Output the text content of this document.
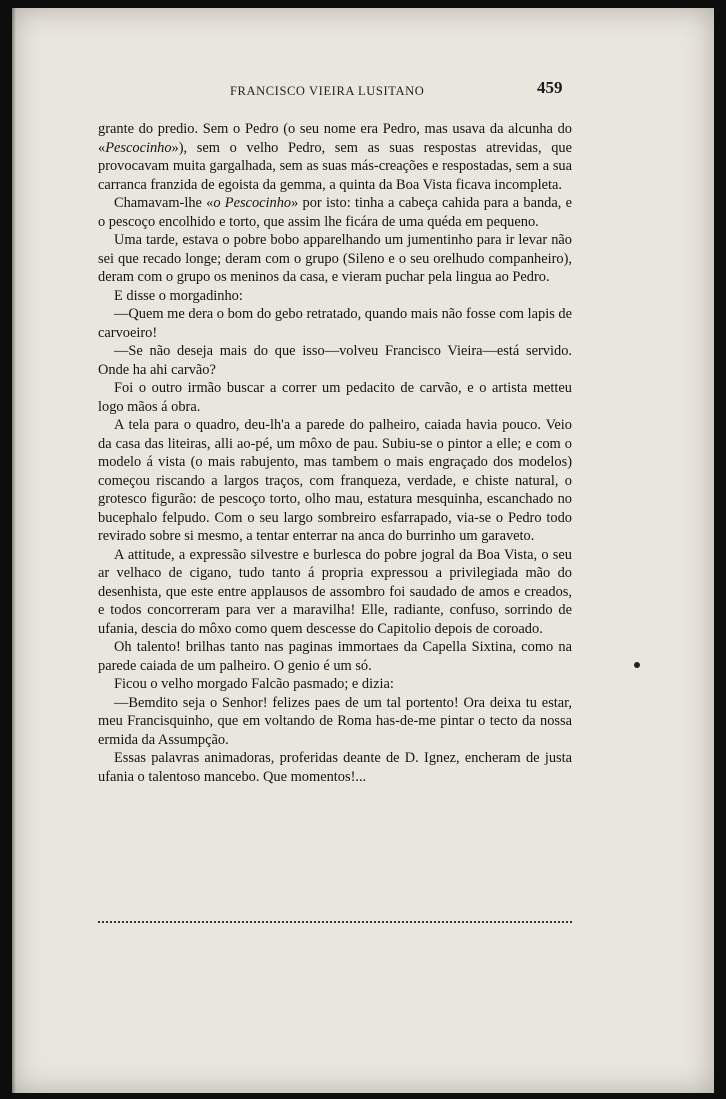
FRANCISCO VIEIRA LUSITANO	459

grante do predio. Sem o Pedro (o seu nome era Pedro, mas usava da alcunha do «Pescocinho»), sem o velho Pedro, sem as suas respostas atrevidas, que provocavam muita gargalhada, sem as suas más-creações e respostadas, sem a sua carranca franzida de egoista da gemma, a quinta da Boa Vista ficava incompleta.

Chamavam-lhe «o Pescocinho» por isto: tinha a cabeça cahida para a banda, e o pescoço encolhido e torto, que assim lhe ficára de uma quéda em pequeno.

Uma tarde, estava o pobre bobo apparelhando um jumentinho para ir levar não sei que recado longe; deram com o grupo (Sileno e o seu orelhudo companheiro), deram com o grupo os meninos da casa, e vieram puchar pela lingua ao Pedro.

E disse o morgadinho:

—Quem me dera o bom do gebo retratado, quando mais não fosse com lapis de carvoeiro!

—Se não deseja mais do que isso—volveu Francisco Vieira—está servido. Onde ha ahi carvão?

Foi o outro irmão buscar a correr um pedacito de carvão, e o artista metteu logo mãos á obra.

A tela para o quadro, deu-lh'a a parede do palheiro, caiada havia pouco. Veio da casa das liteiras, alli ao-pé, um môxo de pau. Subiu-se o pintor a elle; e com o modelo á vista (o mais rabujento, mas tambem o mais engraçado dos modelos) começou riscando a largos traços, com franqueza, verdade, e chiste natural, o grotesco figurão: de pescoço torto, olho mau, estatura mesquinha, escanchado no bucephalo felpudo. Com o seu largo sombreiro esfarrapado, via-se o Pedro todo revirado sobre si mesmo, a tentar enterrar na anca do burrinho um garaveto.

A attitude, a expressão silvestre e burlesca do pobre jogral da Boa Vista, o seu ar velhaco de cigano, tudo tanto á propria expressou a privilegiada mão do desenhista, que este entre applausos de assombro foi saudado de amos e creados, e todos concorreram para ver a maravilha! Elle, radiante, confuso, sorrindo de ufania, descia do môxo como quem descesse do Capitolio depois de coroado.

Oh talento! brilhas tanto nas paginas immortaes da Capella Sixtina, como na parede caiada de um palheiro. O genio é um só.

Ficou o velho morgado Falcão pasmado; e dizia:

—Bemdito seja o Senhor! felizes paes de um tal portento! Ora deixa tu estar, meu Francisquinho, que em voltando de Roma has-de-me pintar o tecto da nossa ermida da Assumpção.

Essas palavras animadoras, proferidas deante de D. Ignez, encheram de justa ufania o talentoso mancebo. Que momentos!...
